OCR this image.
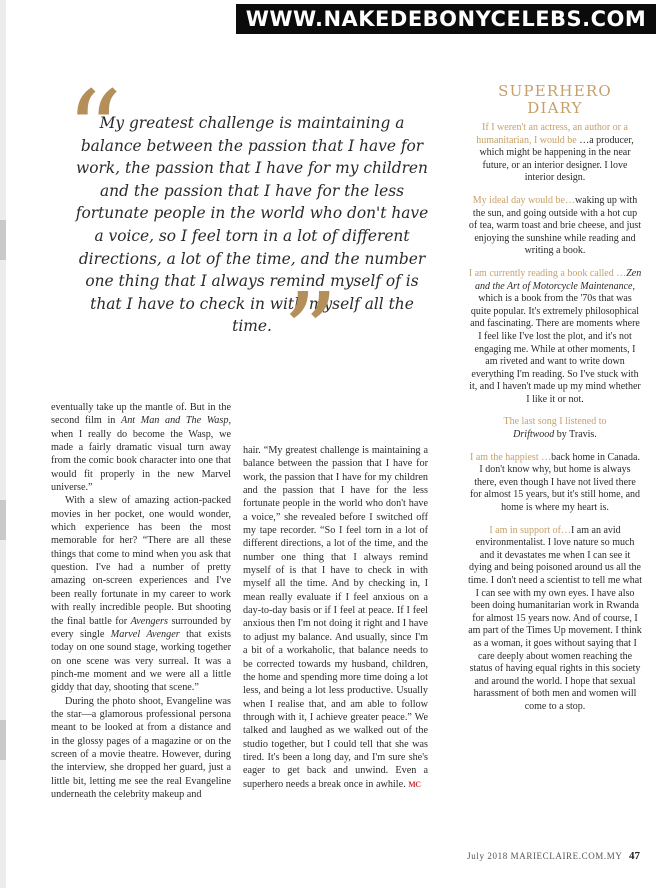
WWW.NAKEDEBONYCELEBS.COM
“

My greatest challenge is maintaining a balance between the passion that I have for work, the passion that I have for my children and the passion that I have for the less fortunate people in the world who don't have a voice, so I feel torn in a lot of different directions, a lot of the time, and the number one thing that I always remind myself of is that I have to check in with myself all the time. ”

eventually take up the mantle of. But in the second film in Ant Man and The Wasp, when I really do become the Wasp, we made a fairly dramatic visual turn away from the comic book character into one that would fit properly in the new Marvel universe.”

With a slew of amazing action-packed movies in her pocket, one would wonder, which experience has been the most memorable for her? “There are all these things that come to mind when you ask that question. I've had a number of pretty amazing on-screen experiences and I've been really fortunate in my career to work with really incredible people. But shooting the final battle for Avengers surrounded by every single Marvel Avenger that exists today on one sound stage, working together on one scene was very surreal. It was a pinch-me moment and we were all a little giddy that day, shooting that scene.”

During the photo shoot, Evangeline was the star—a glamorous professional persona meant to be looked at from a distance and in the glossy pages of a magazine or on the screen of a movie theatre. However, during the interview, she dropped her guard, just a little bit, letting me see the real Evangeline underneath the celebrity makeup and

hair. “My greatest challenge is maintaining a balance between the passion that I have for work, the passion that I have for my children and the passion that I have for the less fortunate people in the world who don't have a voice,” she revealed before I switched off my tape recorder. “So I feel torn in a lot of different directions, a lot of the time, and the number one thing that I always remind myself of is that I have to check in with myself all the time. And by checking in, I mean really evaluate if I feel anxious on a day-to-day basis or if I feel at peace. If I feel anxious then I'm not doing it right and I have to adjust my balance. And usually, since I'm a bit of a workaholic, that balance needs to be corrected towards my husband, children, the home and spending more time doing a lot less, and being a lot less productive. Usually when I realise that, and am able to follow through with it, I achieve greater peace.” We talked and laughed as we walked out of the studio together, but I could tell that she was tired. It's been a long day, and I'm sure she's eager to get back and unwind. Even a superhero needs a break once in awhile. MC

SUPERHERO

DIARY

If I weren't an actress, an author or a humanitarian, I would be …a producer, which might be happening in the near future, or an interior designer. I love interior design.

My ideal day would be…waking up with the sun, and going outside with a hot cup of tea, warm toast and brie cheese, and just enjoying the sunshine while reading and writing a book.

I am currently reading a book called …Zen and the Art of Motorcycle Maintenance, which is a book from the '70s that was quite popular. It's extremely philosophical and fascinating. There are moments where I feel like I've lost the plot, and it's not engaging me. While at other moments, I am riveted and want to write down everything I'm reading. So I've stuck with it, and I haven't made up my mind whether I like it or not.

The last song I listened to
Driftwood by Travis.

I am the happiest …back home in Canada. I don't know why, but home is always there, even though I have not lived there for almost 15 years, but it's still home, and home is where my heart is.

I am in support of…I am an avid environmentalist. I love nature so much and it devastates me when I can see it dying and being poisoned around us all the time. I don't need a scientist to tell me what I can see with my own eyes. I have also been doing humanitarian work in Rwanda for almost 15 years now. And of course, I am part of the Times Up movement. I think as a woman, it goes without saying that I care deeply about women reaching the status of having equal rights in this society and around the world. I hope that sexual harassment of both men and women will come to a stop.

July 2018 MARIECLAIRE.COM.MY 47
